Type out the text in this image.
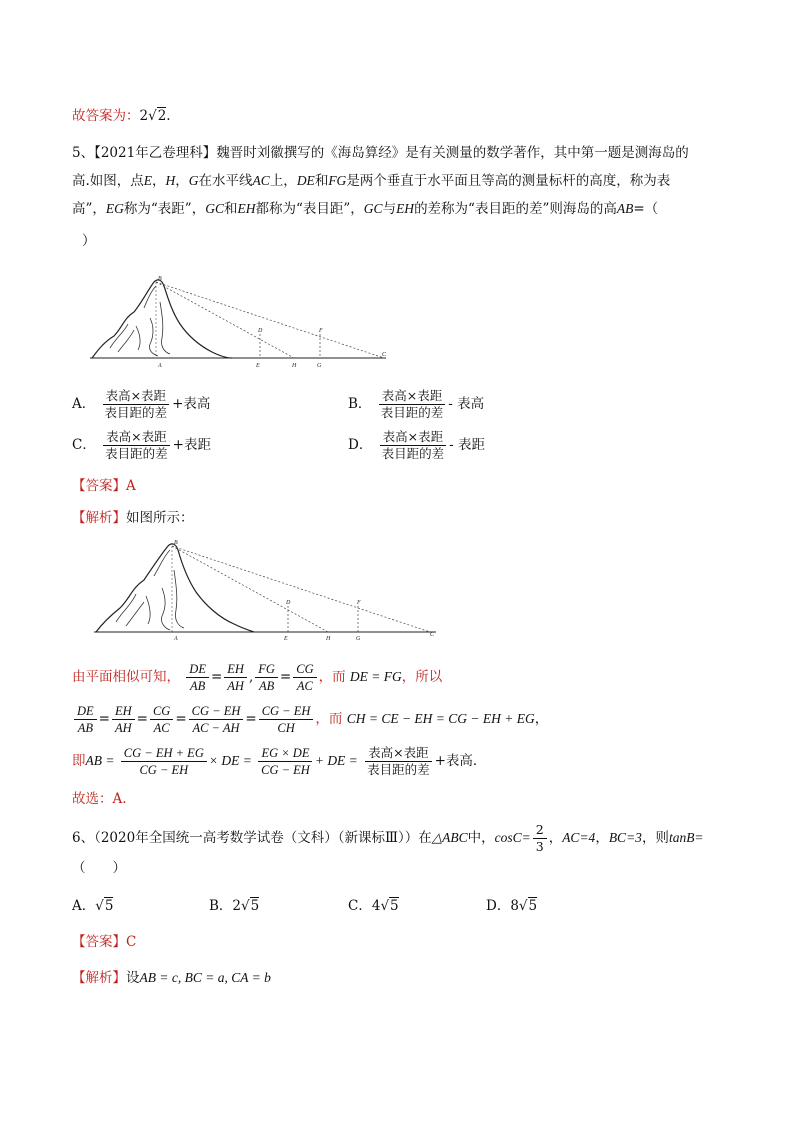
故答案为：2√2.
5、【2021年乙卷理科】魏晋时刘徽撰写的《海岛算经》是有关测量的数学著作，其中第一题是测海岛的
高.如图，点E，H，G在水平线AC上，DE和FG是两个垂直于水平面且等高的测量标杆的高度，称为表
高”，EG称为“表距”，GC和EH都称为“表目距”，GC与EH的差称为“表目距的差”则海岛的高AB=（
）
B
D	F
A	E	H	G
C
A． $\frac{\text{表高×表距}}{\text{表目距的差}}$ +表高	B． $\frac{\text{表高×表距}}{\text{表目距的差}}$ - 表高
C． $\frac{\text{表高×表距}}{\text{表目距的差}}$ +表距	D． $\frac{\text{表高×表距}}{\text{表目距的差}}$ - 表距
【答案】A
【解析】如图所示：
B
D	F
A	E	H	G
C
由平面相似可知， $\frac{DE}{AB} = \frac{EH}{AH}$ , $\frac{FG}{AB} = \frac{CG}{AC}$ ，而 DE = FG，所以
$\frac{DE}{AB} = \frac{EH}{AH} = \frac{CG}{AC} = \frac{CG - EH}{AC - AH} = \frac{CG - EH}{CH}$ ，而 CH = CE − EH = CG − EH + EG，
即AB = $\frac{CG - EH + EG}{CG - EH}$ × DE = $\frac{EG \times DE}{CG - EH}$ + DE = $\frac{\text{表高×表距}}{\text{表目距的差}}$ +表高．
故选：A.
6、（2020年全国统一高考数学试卷（文科）（新课标Ⅲ））在△ABC中，$\cos C= \frac{2}{3}$ ，AC=4，BC=3，则tanB=
（　　）
A．√5	B．2√5	C．4√5	D．8√5
【答案】C
【解析】设AB = c, BC = a, CA = b
